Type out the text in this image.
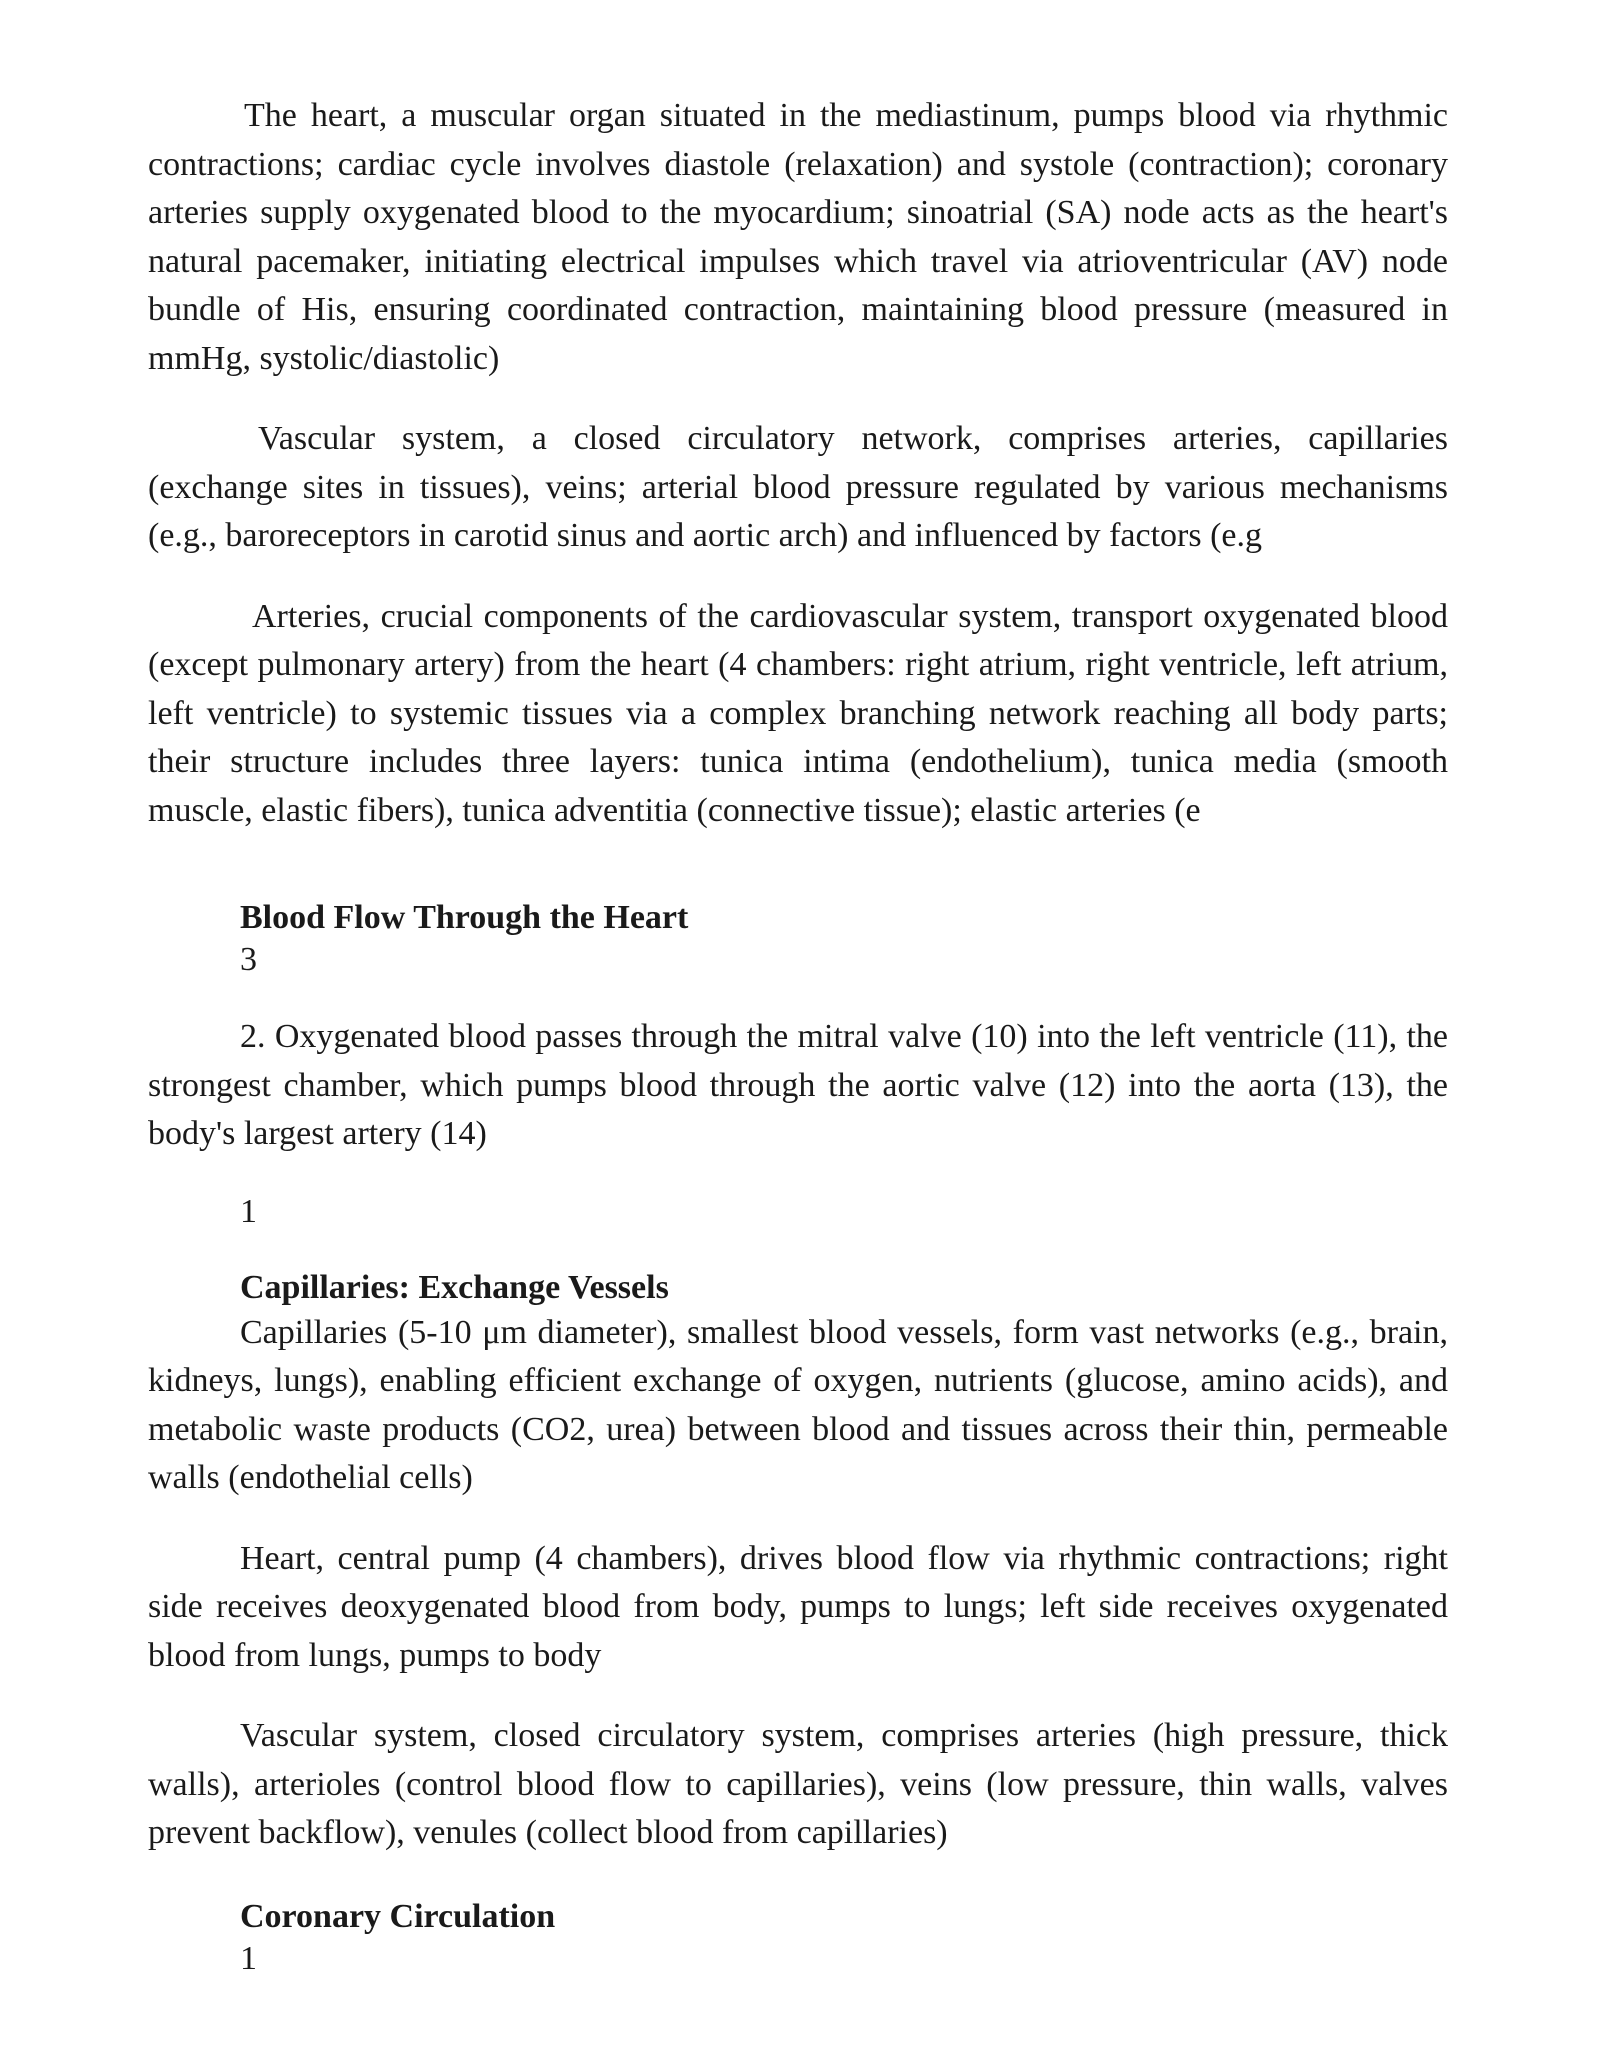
The heart, a muscular organ situated in the mediastinum, pumps blood via rhythmic contractions; cardiac cycle involves diastole (relaxation) and systole (contraction); coronary arteries supply oxygenated blood to the myocardium; sinoatrial (SA) node acts as the heart's natural pacemaker, initiating electrical impulses which travel via atrioventricular (AV) node bundle of His, ensuring coordinated contraction, maintaining blood pressure (measured in mmHg, systolic/diastolic)

Vascular system, a closed circulatory network, comprises arteries, capillaries (exchange sites in tissues), veins; arterial blood pressure regulated by various mechanisms (e.g., baroreceptors in carotid sinus and aortic arch) and influenced by factors (e.g

Arteries, crucial components of the cardiovascular system, transport oxygenated blood (except pulmonary artery) from the heart (4 chambers: right atrium, right ventricle, left atrium, left ventricle) to systemic tissues via a complex branching network reaching all body parts; their structure includes three layers: tunica intima (endothelium), tunica media (smooth muscle, elastic fibers), tunica adventitia (connective tissue); elastic arteries (e

Blood Flow Through the Heart

3

2. Oxygenated blood passes through the mitral valve (10) into the left ventricle (11), the strongest chamber, which pumps blood through the aortic valve (12) into the aorta (13), the body's largest artery (14)

1

Capillaries: Exchange Vessels

Capillaries (5-10 μm diameter), smallest blood vessels, form vast networks (e.g., brain, kidneys, lungs), enabling efficient exchange of oxygen, nutrients (glucose, amino acids), and metabolic waste products (CO2, urea) between blood and tissues across their thin, permeable walls (endothelial cells)

Heart, central pump (4 chambers), drives blood flow via rhythmic contractions; right side receives deoxygenated blood from body, pumps to lungs; left side receives oxygenated blood from lungs, pumps to body

Vascular system, closed circulatory system, comprises arteries (high pressure, thick walls), arterioles (control blood flow to capillaries), veins (low pressure, thin walls, valves prevent backflow), venules (collect blood from capillaries)

Coronary Circulation

1
